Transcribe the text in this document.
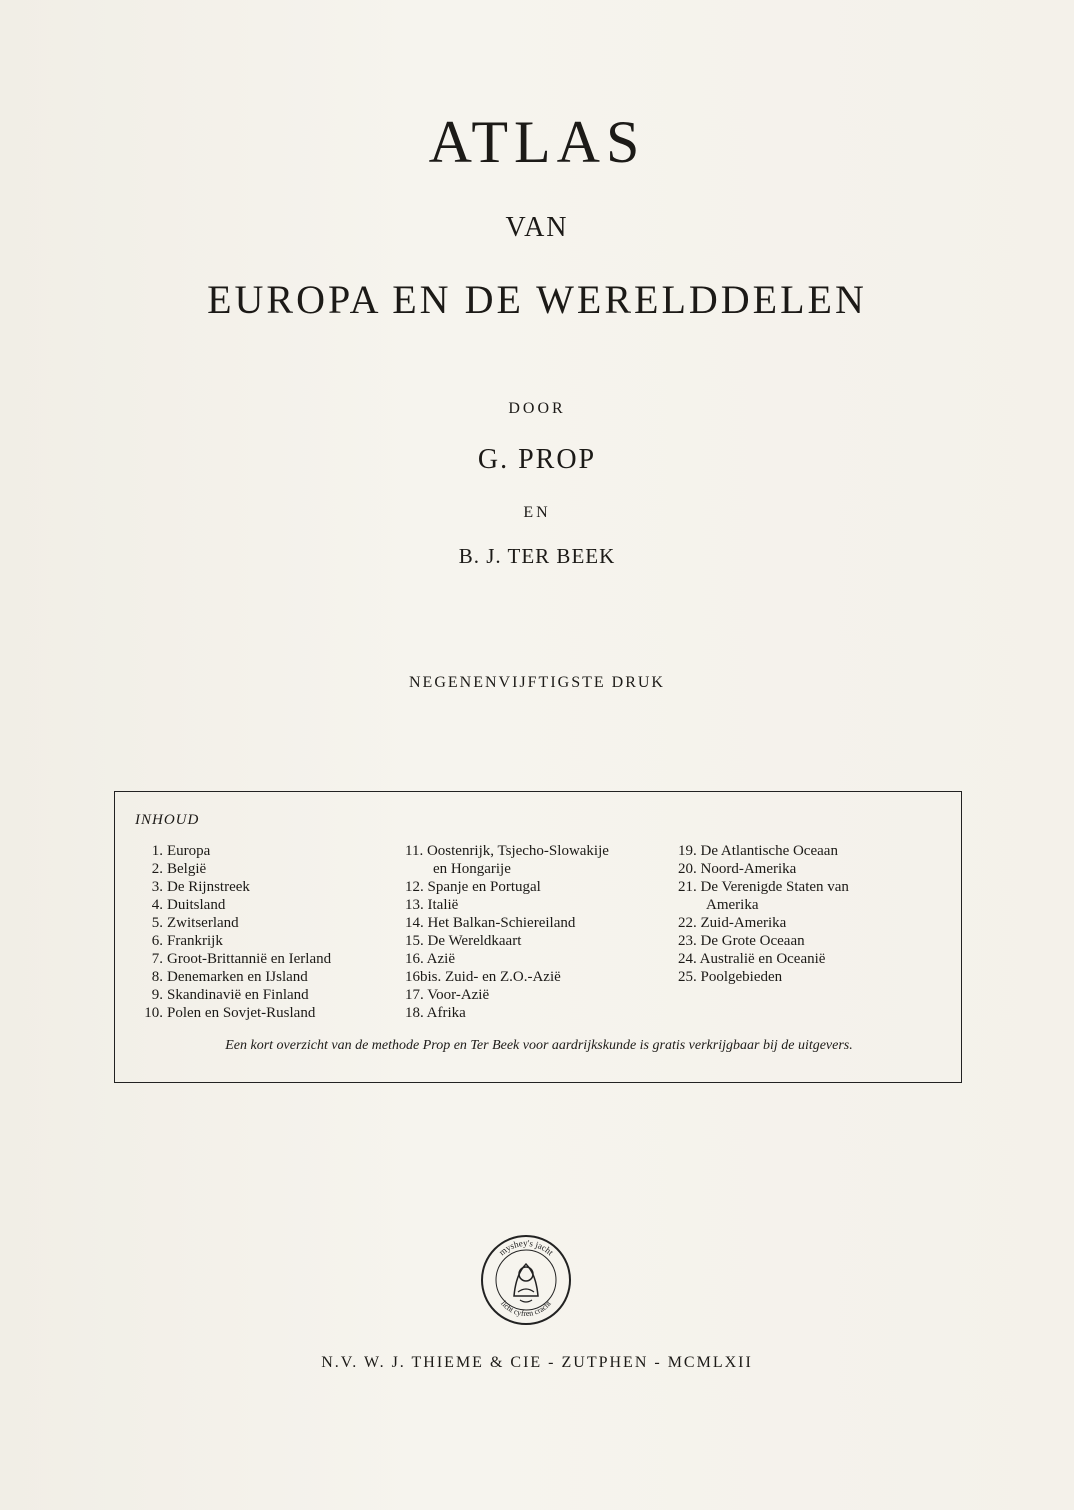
ATLAS
VAN
EUROPA EN DE WERELDDELEN
DOOR
G. PROP
EN
B. J. TER BEEK
NEGENENVIJFTIGSTE DRUK
INHOUD
1. Europa
2. België
3. De Rijnstreek
4. Duitsland
5. Zwitserland
6. Frankrijk
7. Groot-Brittannië en Ierland
8. Denemarken en IJsland
9. Skandinavië en Finland
10. Polen en Sovjet-Rusland
11. Oostenrijk, Tsjecho-Slowakije
en Hongarije
12. Spanje en Portugal
13. Italië
14. Het Balkan-Schiereiland
15. De Wereldkaart
16. Azië
16bis. Zuid- en Z.O.-Azië
17. Voor-Azië
18. Afrika
19. De Atlantische Oceaan
20. Noord-Amerika
21. De Verenigde Staten van
Amerika
22. Zuid-Amerika
23. De Grote Oceaan
24. Australië en Oceanië
25. Poolgebieden
Een kort overzicht van de methode Prop en Ter Beek voor aardrijkskunde is gratis verkrijgbaar bij de uitgevers.
myshey's jacht
licht cyfren cracht
N.V. W. J. THIEME & CIE - ZUTPHEN - MCMLXII
